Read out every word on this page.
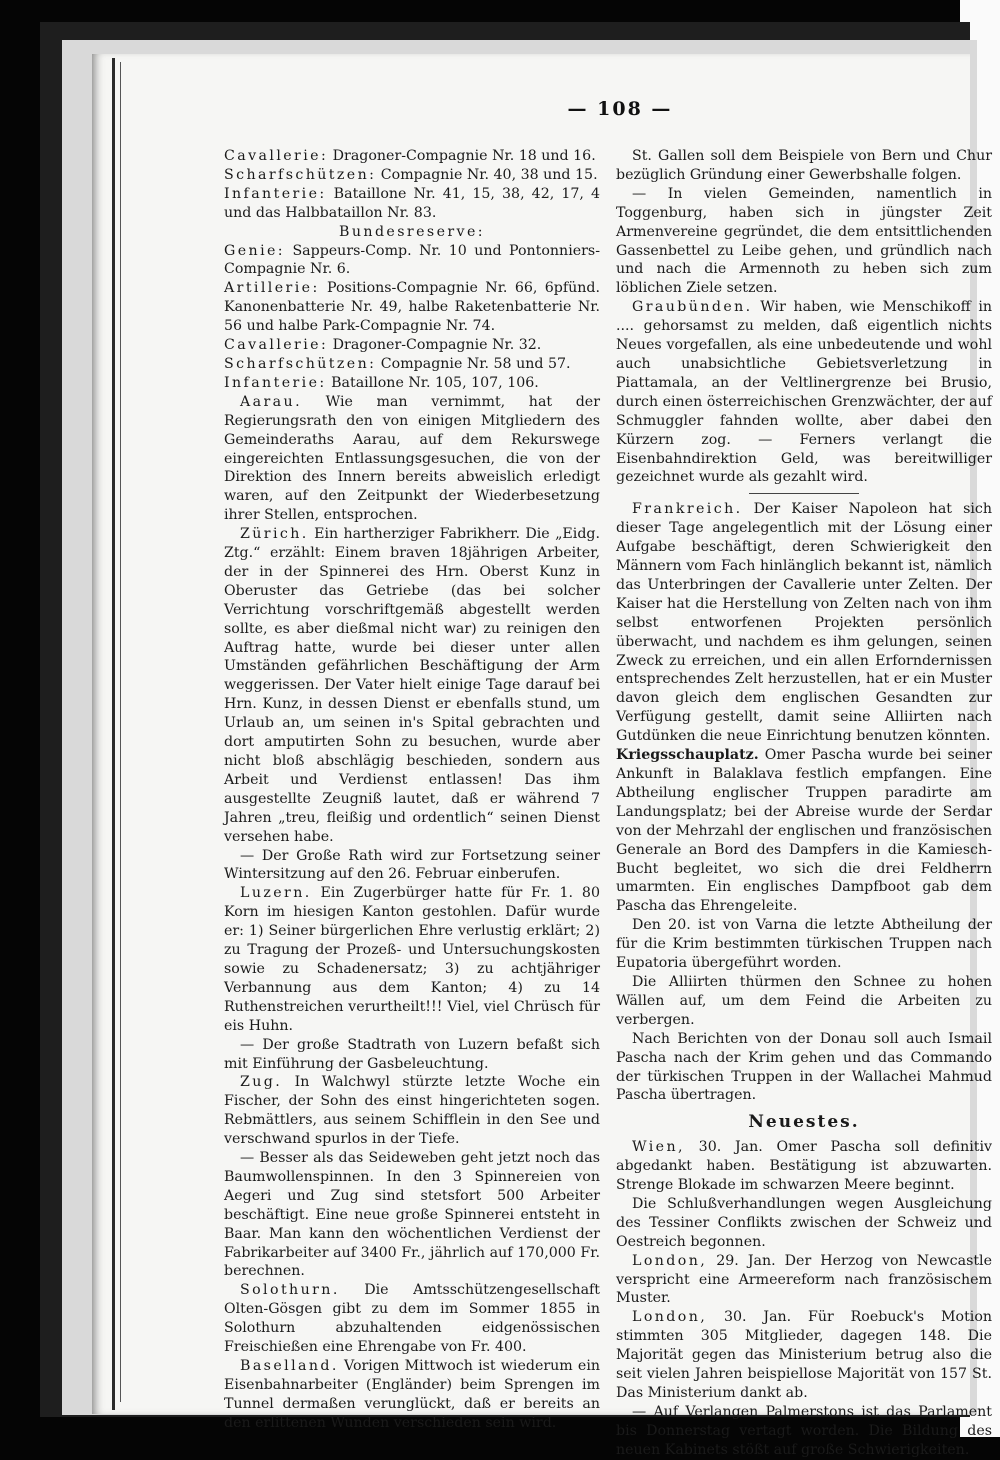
— 108 —

Cavallerie: Dragoner-Compagnie Nr. 18 und 16.

Scharfschützen: Compagnie Nr. 40, 38 und 15.

Infanterie: Bataillone Nr. 41, 15, 38, 42, 17, 4 und das Halbbataillon Nr. 83.

Bundesreserve:

Genie: Sappeurs-Comp. Nr. 10 und Pontonniers-Compagnie Nr. 6.

Artillerie: Positions-Compagnie Nr. 66, 6pfünd. Kanonenbatterie Nr. 49, halbe Raketenbatterie Nr. 56 und halbe Park-Compagnie Nr. 74.

Cavallerie: Dragoner-Compagnie Nr. 32.

Scharfschützen: Compagnie Nr. 58 und 57.

Infanterie: Bataillone Nr. 105, 107, 106.

Aarau. Wie man vernimmt, hat der Regierungsrath den von einigen Mitgliedern des Gemeinderaths Aarau, auf dem Rekurswege eingereichten Entlassungsgesuchen, die von der Direktion des Innern bereits abweislich erledigt waren, auf den Zeitpunkt der Wiederbesetzung ihrer Stellen, entsprochen.

Zürich. Ein hartherziger Fabrikherr. Die „Eidg. Ztg.“ erzählt: Einem braven 18jährigen Arbeiter, der in der Spinnerei des Hrn. Oberst Kunz in Oberuster das Getriebe (das bei solcher Verrichtung vorschriftgemäß abgestellt werden sollte, es aber dießmal nicht war) zu reinigen den Auftrag hatte, wurde bei dieser unter allen Umständen gefährlichen Beschäftigung der Arm weggerissen. Der Vater hielt einige Tage darauf bei Hrn. Kunz, in dessen Dienst er ebenfalls stund, um Urlaub an, um seinen in's Spital gebrachten und dort amputirten Sohn zu besuchen, wurde aber nicht bloß abschlägig beschieden, sondern aus Arbeit und Verdienst entlassen! Das ihm ausgestellte Zeugniß lautet, daß er während 7 Jahren „treu, fleißig und ordentlich“ seinen Dienst versehen habe.

— Der Große Rath wird zur Fortsetzung seiner Wintersitzung auf den 26. Februar einberufen.

Luzern. Ein Zugerbürger hatte für Fr. 1. 80 Korn im hiesigen Kanton gestohlen. Dafür wurde er: 1) Seiner bürgerlichen Ehre verlustig erklärt; 2) zu Tragung der Prozeß- und Untersuchungskosten sowie zu Schadenersatz; 3) zu achtjähriger Verbannung aus dem Kanton; 4) zu 14 Ruthenstreichen verurtheilt!!! Viel, viel Chrüsch für eis Huhn.

— Der große Stadtrath von Luzern befaßt sich mit Einführung der Gasbeleuchtung.

Zug. In Walchwyl stürzte letzte Woche ein Fischer, der Sohn des einst hingerichteten sogen. Rebmättlers, aus seinem Schifflein in den See und verschwand spurlos in der Tiefe.

— Besser als das Seideweben geht jetzt noch das Baumwollenspinnen. In den 3 Spinnereien von Aegeri und Zug sind stetsfort 500 Arbeiter beschäftigt. Eine neue große Spinnerei entsteht in Baar. Man kann den wöchentlichen Verdienst der Fabrikarbeiter auf 3400 Fr., jährlich auf 170,000 Fr. berechnen.

Solothurn. Die Amtsschützengesellschaft Olten-Gösgen gibt zu dem im Sommer 1855 in Solothurn abzuhaltenden eidgenössischen Freischießen eine Ehrengabe von Fr. 400.

Baselland. Vorigen Mittwoch ist wiederum ein Eisenbahnarbeiter (Engländer) beim Sprengen im Tunnel dermaßen verunglückt, daß er bereits an den erlittenen Wunden verschieden sein wird.

St. Gallen soll dem Beispiele von Bern und Chur bezüglich Gründung einer Gewerbshalle folgen.

— In vielen Gemeinden, namentlich in Toggenburg, haben sich in jüngster Zeit Armenvereine gegründet, die dem entsittlichenden Gassenbettel zu Leibe gehen, und gründlich nach und nach die Armennoth zu heben sich zum löblichen Ziele setzen.

Graubünden. Wir haben, wie Menschikoff in .... gehorsamst zu melden, daß eigentlich nichts Neues vorgefallen, als eine unbedeutende und wohl auch unabsichtliche Gebietsverletzung in Piattamala, an der Veltlinergrenze bei Brusio, durch einen österreichischen Grenzwächter, der auf Schmuggler fahnden wollte, aber dabei den Kürzern zog. — Ferners verlangt die Eisenbahndirektion Geld, was bereitwilliger gezeichnet wurde als gezahlt wird.

Frankreich. Der Kaiser Napoleon hat sich dieser Tage angelegentlich mit der Lösung einer Aufgabe beschäftigt, deren Schwierigkeit den Männern vom Fach hinlänglich bekannt ist, nämlich das Unterbringen der Cavallerie unter Zelten. Der Kaiser hat die Herstellung von Zelten nach von ihm selbst entworfenen Projekten persönlich überwacht, und nachdem es ihm gelungen, seinen Zweck zu erreichen, und ein allen Erforndernissen entsprechendes Zelt herzustellen, hat er ein Muster davon gleich dem englischen Gesandten zur Verfügung gestellt, damit seine Alliirten nach Gutdünken die neue Einrichtung benutzen könnten.

Kriegsschauplatz. Omer Pascha wurde bei seiner Ankunft in Balaklava festlich empfangen. Eine Abtheilung englischer Truppen paradirte am Landungsplatz; bei der Abreise wurde der Serdar von der Mehrzahl der englischen und französischen Generale an Bord des Dampfers in die Kamiesch-Bucht begleitet, wo sich die drei Feldherrn umarmten. Ein englisches Dampfboot gab dem Pascha das Ehrengeleite.

Den 20. ist von Varna die letzte Abtheilung der für die Krim bestimmten türkischen Truppen nach Eupatoria übergeführt worden.

Die Alliirten thürmen den Schnee zu hohen Wällen auf, um dem Feind die Arbeiten zu verbergen.

Nach Berichten von der Donau soll auch Ismail Pascha nach der Krim gehen und das Commando der türkischen Truppen in der Wallachei Mahmud Pascha übertragen.

Neuestes.

Wien, 30. Jan. Omer Pascha soll definitiv abgedankt haben. Bestätigung ist abzuwarten. Strenge Blokade im schwarzen Meere beginnt.

Die Schlußverhandlungen wegen Ausgleichung des Tessiner Conflikts zwischen der Schweiz und Oestreich begonnen.

London, 29. Jan. Der Herzog von Newcastle verspricht eine Armeereform nach französischem Muster.

London, 30. Jan. Für Roebuck's Motion stimmten 305 Mitglieder, dagegen 148. Die Majorität gegen das Ministerium betrug also die seit vielen Jahren beispiellose Majorität von 157 St. Das Ministerium dankt ab.

— Auf Verlangen Palmerstons ist das Parlament bis Donnerstag vertagt worden. Die Bildung des neuen Kabinets stößt auf große Schwierigkeiten.
